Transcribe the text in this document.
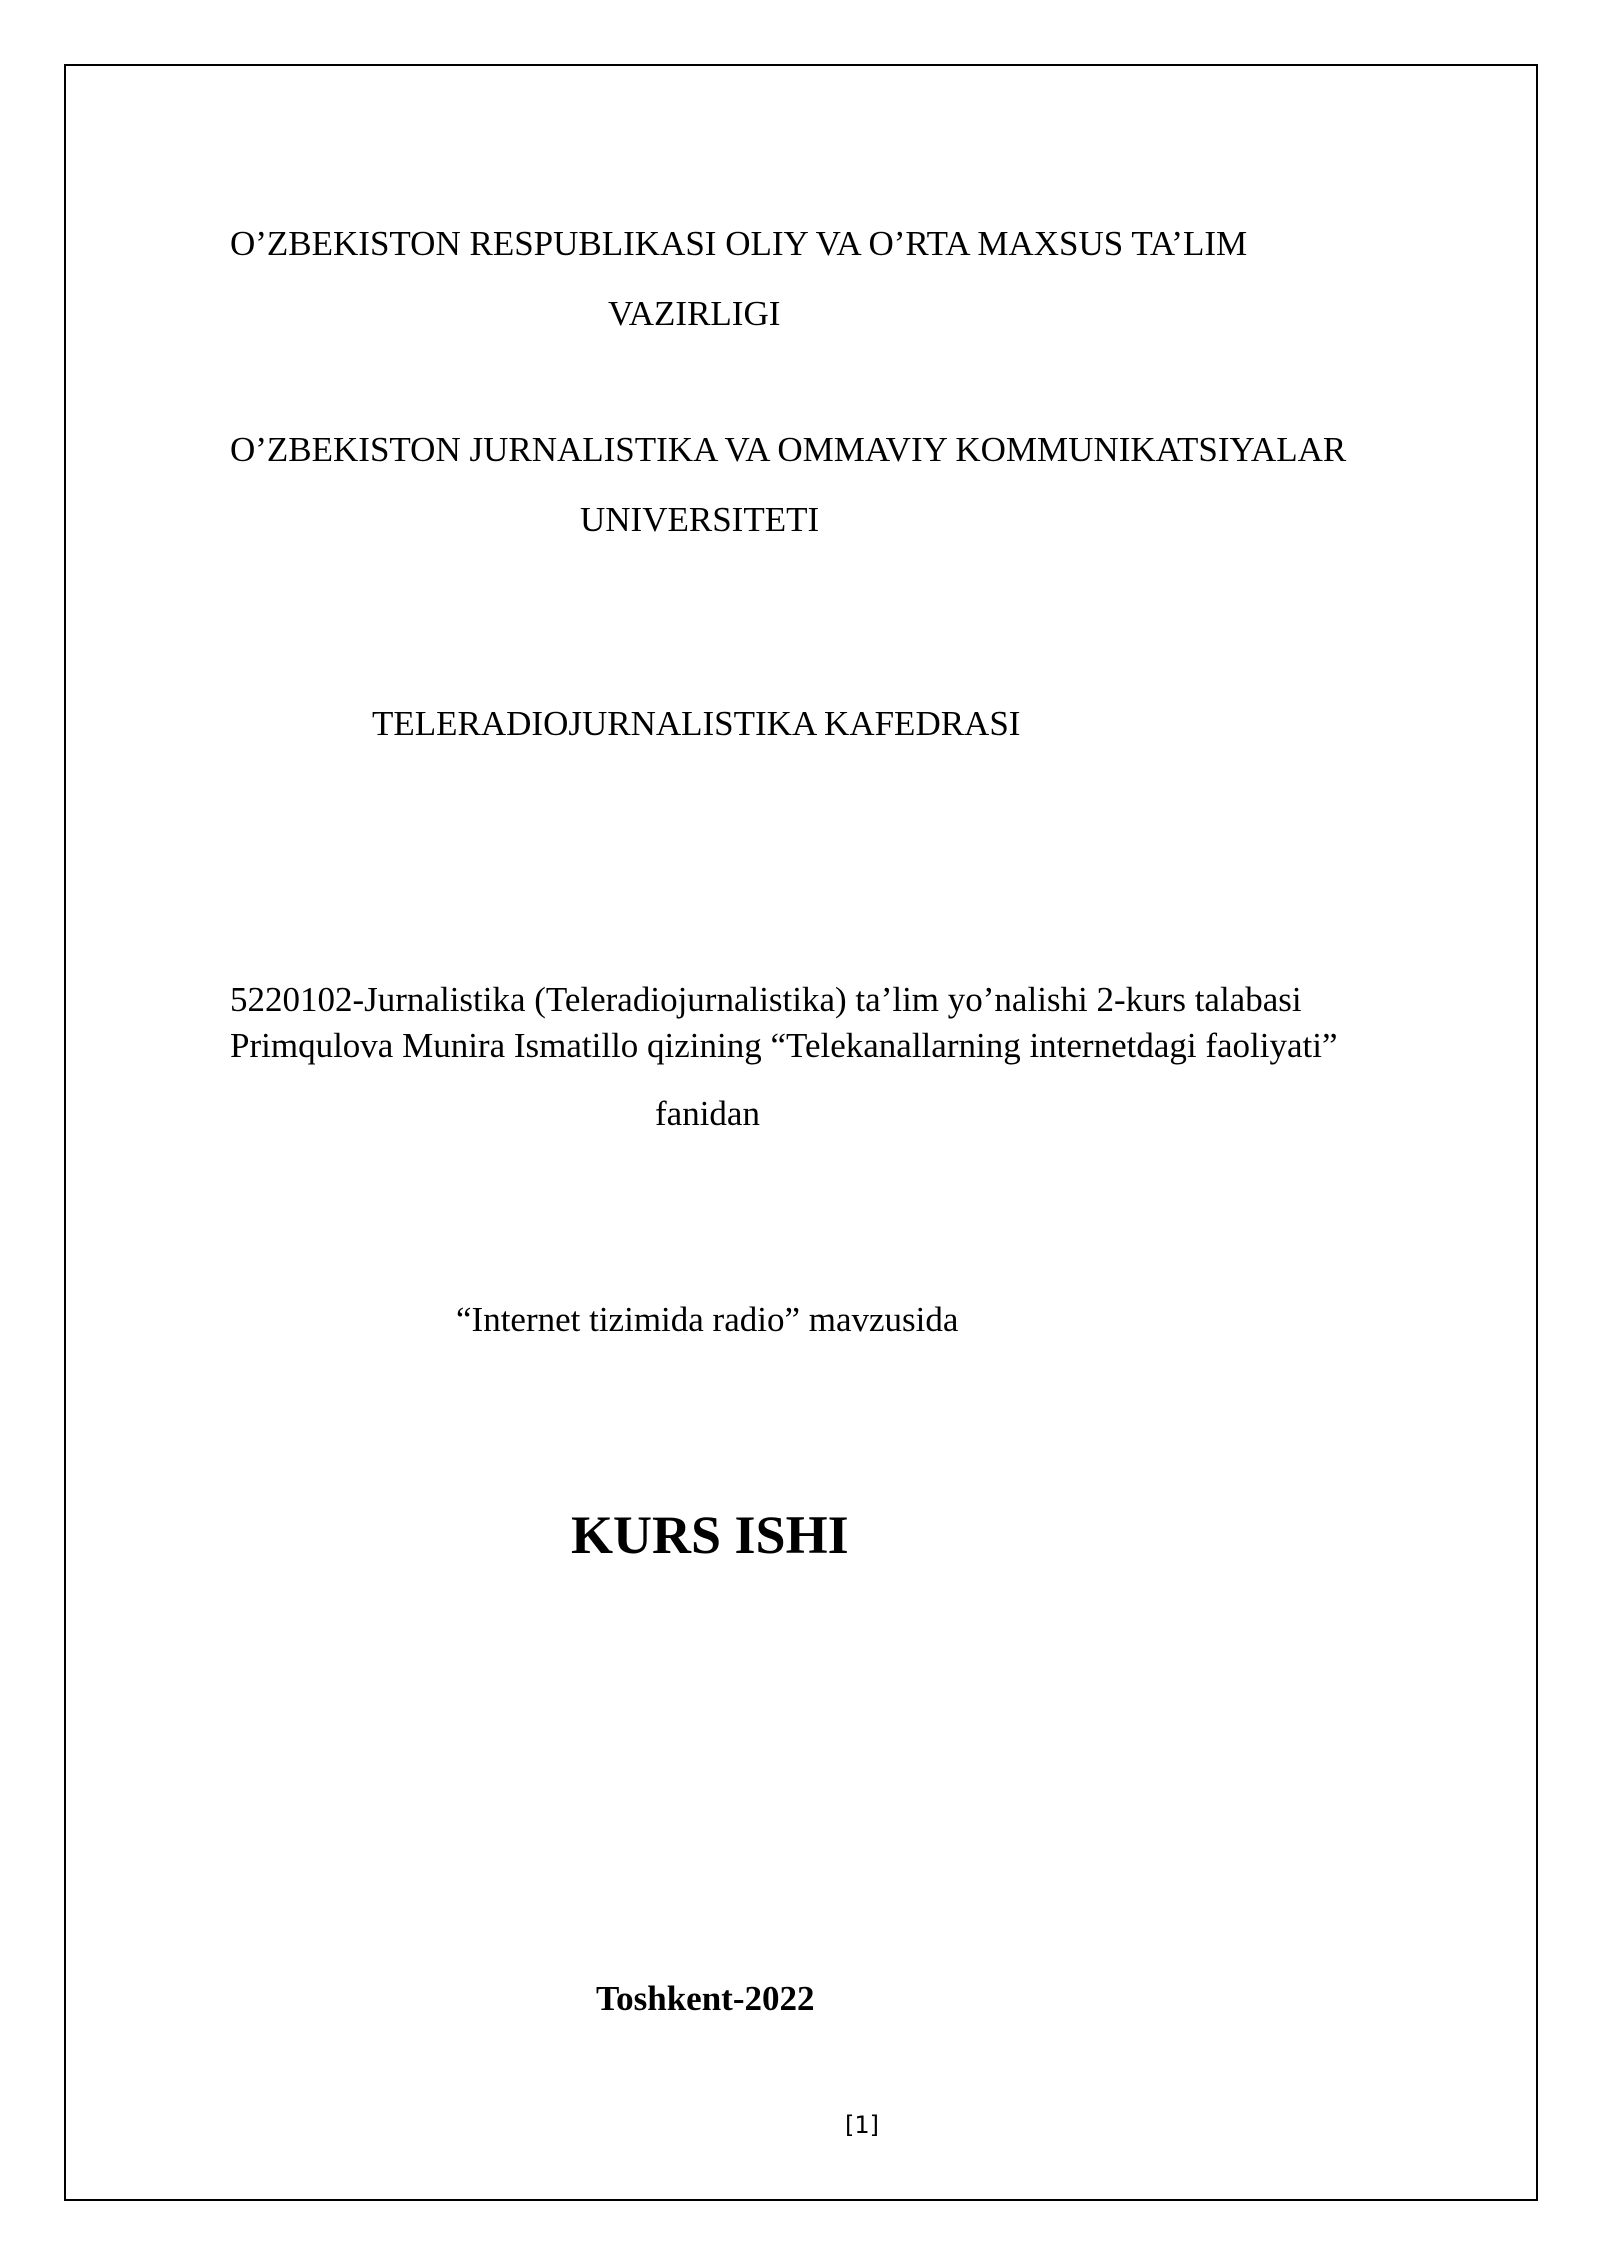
O’ZBEKISTON RESPUBLIKASI OLIY VA O’RTA MAXSUS TA’LIM
VAZIRLIGI
O’ZBEKISTON JURNALISTIKA VA OMMAVIY KOMMUNIKATSIYALAR
UNIVERSITETI
TELERADIOJURNALISTIKA KAFEDRASI
5220102-Jurnalistika (Teleradiojurnalistika) ta’lim yo’nalishi 2-kurs talabasi
Primqulova Munira Ismatillo qizining “Telekanallarning internetdagi faoliyati”
fanidan
“Internet tizimida radio” mavzusida
KURS ISHI
Toshkent-2022
[1]
